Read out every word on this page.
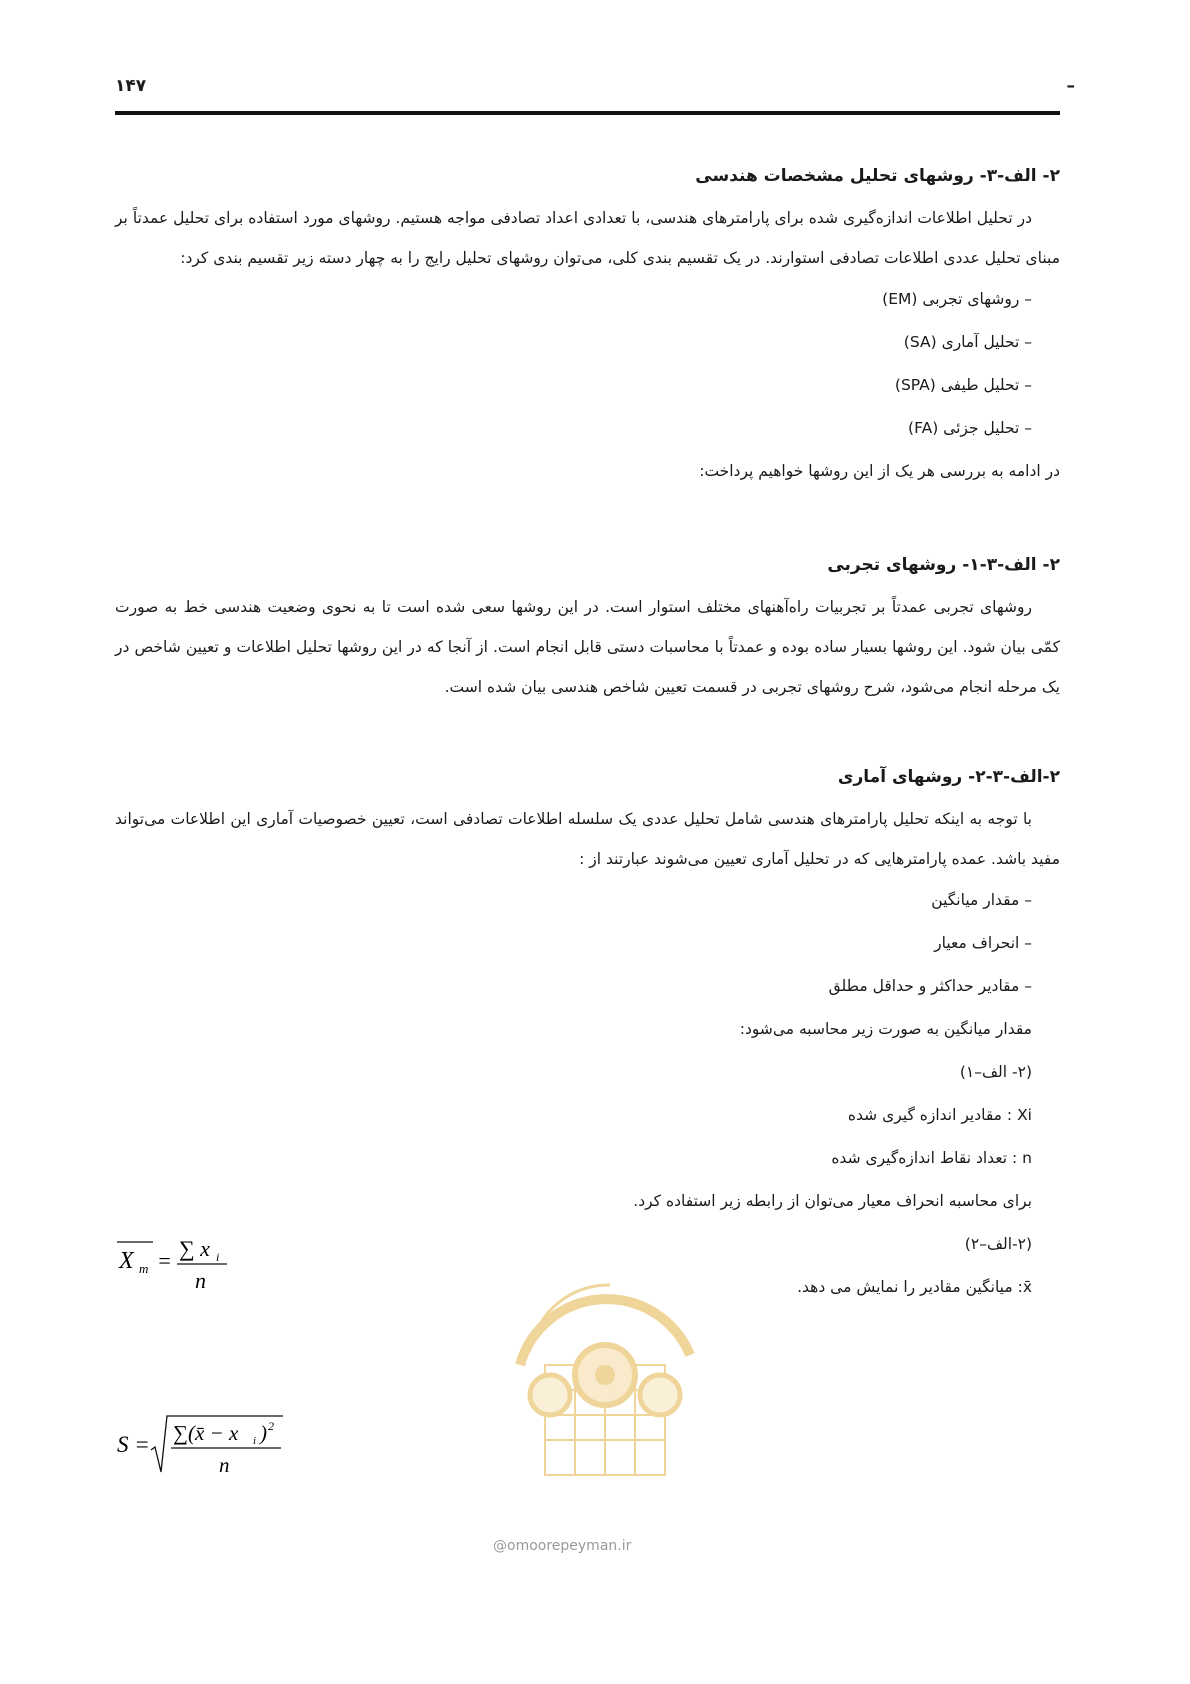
۱۴۷	–
۲- الف-۳- روشهای تحلیل مشخصات هندسی

در تحلیل اطلاعات اندازه‌گیری شده برای پارامترهای هندسی، با تعدادی اعداد تصادفی مواجه هستیم. روشهای مورد استفاده برای تحلیل عمدتاً بر مبنای تحلیل عددی اطلاعات تصادفی استوارند. در یک تقسیم بندی کلی، می‌توان روشهای تحلیل رایج را به چهار دسته زیر تقسیم بندی کرد:

– روشهای تجربی (EM)
– تحلیل آماری (SA)
– تحلیل طیفی (SPA)
– تحلیل جزئی (FA)

در ادامه به بررسی هر یک از این روشها خواهیم پرداخت:

۲- الف-۳-۱- روشهای تجربی

روشهای تجربی عمدتاً بر تجربیات راه‌آهنهای مختلف استوار است. در این روشها سعی شده است تا به نحوی وضعیت هندسی خط به صورت کمّی بیان شود. این روشها بسیار ساده بوده و عمدتاً با محاسبات دستی قابل انجام است. از آنجا که در این روشها تحلیل اطلاعات و تعیین شاخص در یک مرحله انجام می‌شود، شرح روشهای تجربی در قسمت تعیین شاخص هندسی بیان شده است.

۲-الف-۳-۲- روشهای آماری

با توجه به اینکه تحلیل پارامترهای هندسی شامل تحلیل عددی یک سلسله اطلاعات تصادفی است، تعیین خصوصیات آماری این اطلاعات می‌تواند مفید باشد. عمده پارامترهایی که در تحلیل آماری تعیین می‌شوند عبارتند از :

– مقدار میانگین
– انحراف معیار
– مقادیر حداکثر و حداقل مطلق

مقدار میانگین به صورت زیر محاسبه می‌شود:

(۲- الف–۱)

Xi : مقادیر اندازه گیری شده

n : تعداد نقاط اندازه‌گیری شده

برای محاسبه انحراف معیار می‌توان از رابطه زیر استفاده کرد.

(۲-الف–۲)

x̄: میانگین مقادیر را نمایش می دهد.

X m = ∑ x i
n
S = ∑(x̄ − x i ) 2
n
@omoorepeyman.ir
